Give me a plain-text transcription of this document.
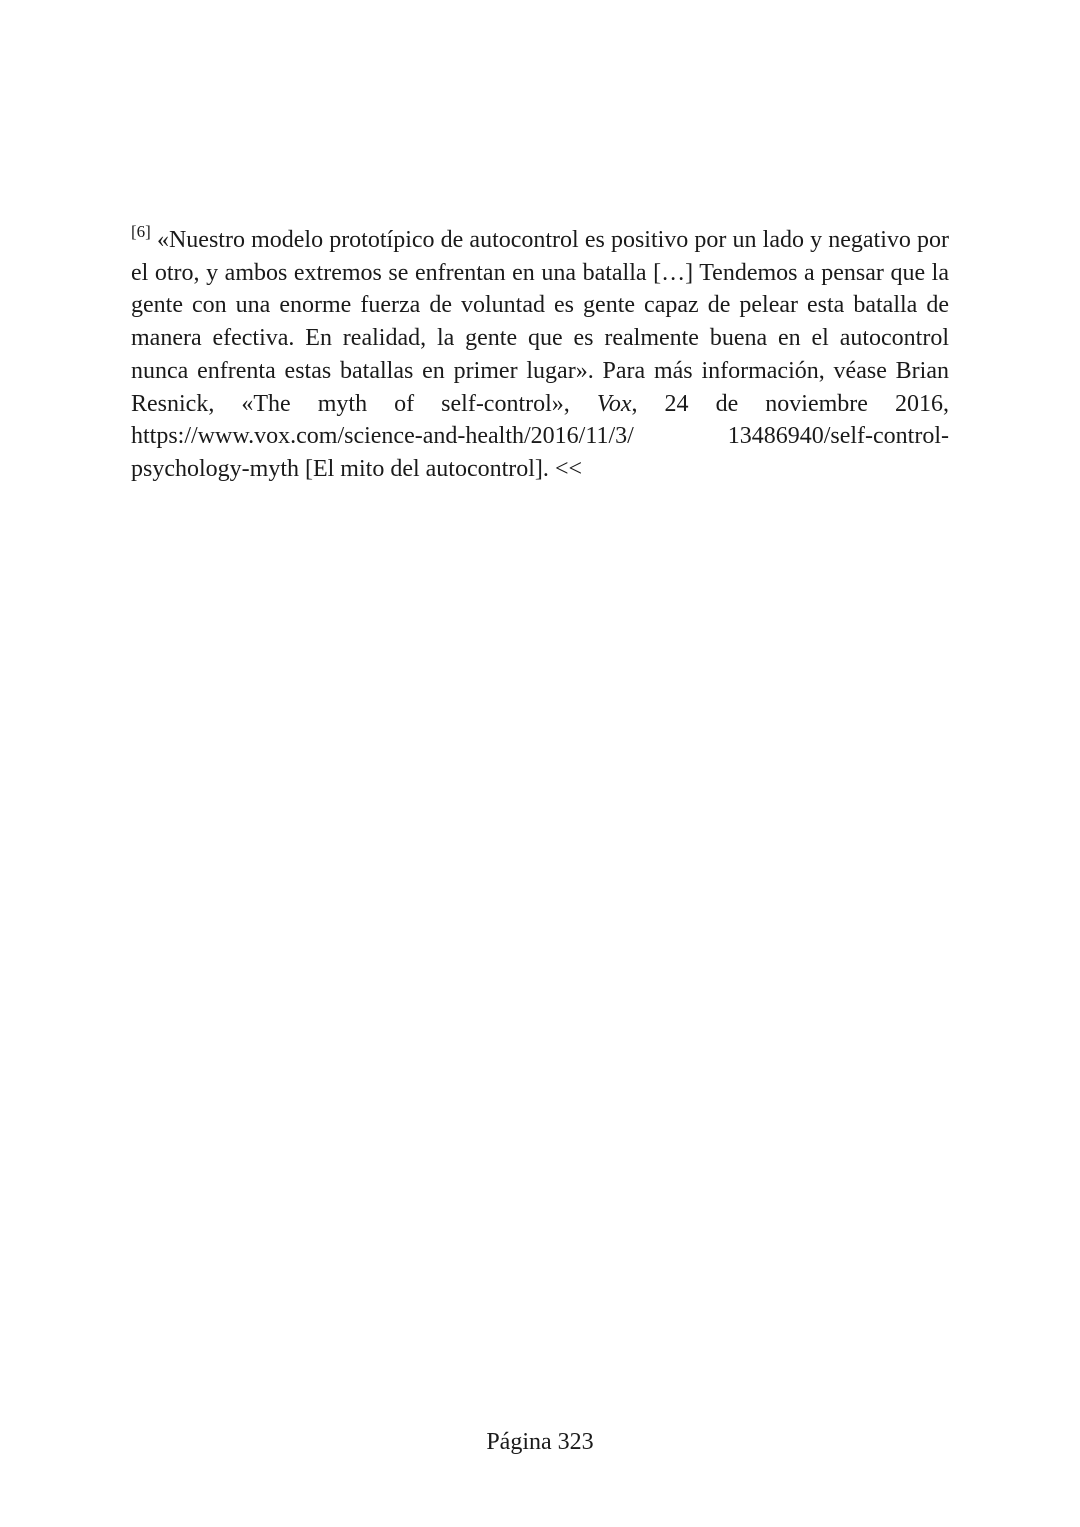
[6] «Nuestro modelo prototípico de autocontrol es positivo por un lado y negativo por el otro, y ambos extremos se enfrentan en una batalla […] Tendemos a pensar que la gente con una enorme fuerza de voluntad es gente capaz de pelear esta batalla de manera efectiva. En realidad, la gente que es realmente buena en el autocontrol nunca enfrenta estas batallas en primer lugar». Para más información, véase Brian Resnick, «The myth of self-control», Vox, 24 de noviembre 2016, https://www.vox.com/science-and-health/2016/11/3/ 13486940/self-control-psychology-myth [El mito del autocontrol]. <<

Página 323
